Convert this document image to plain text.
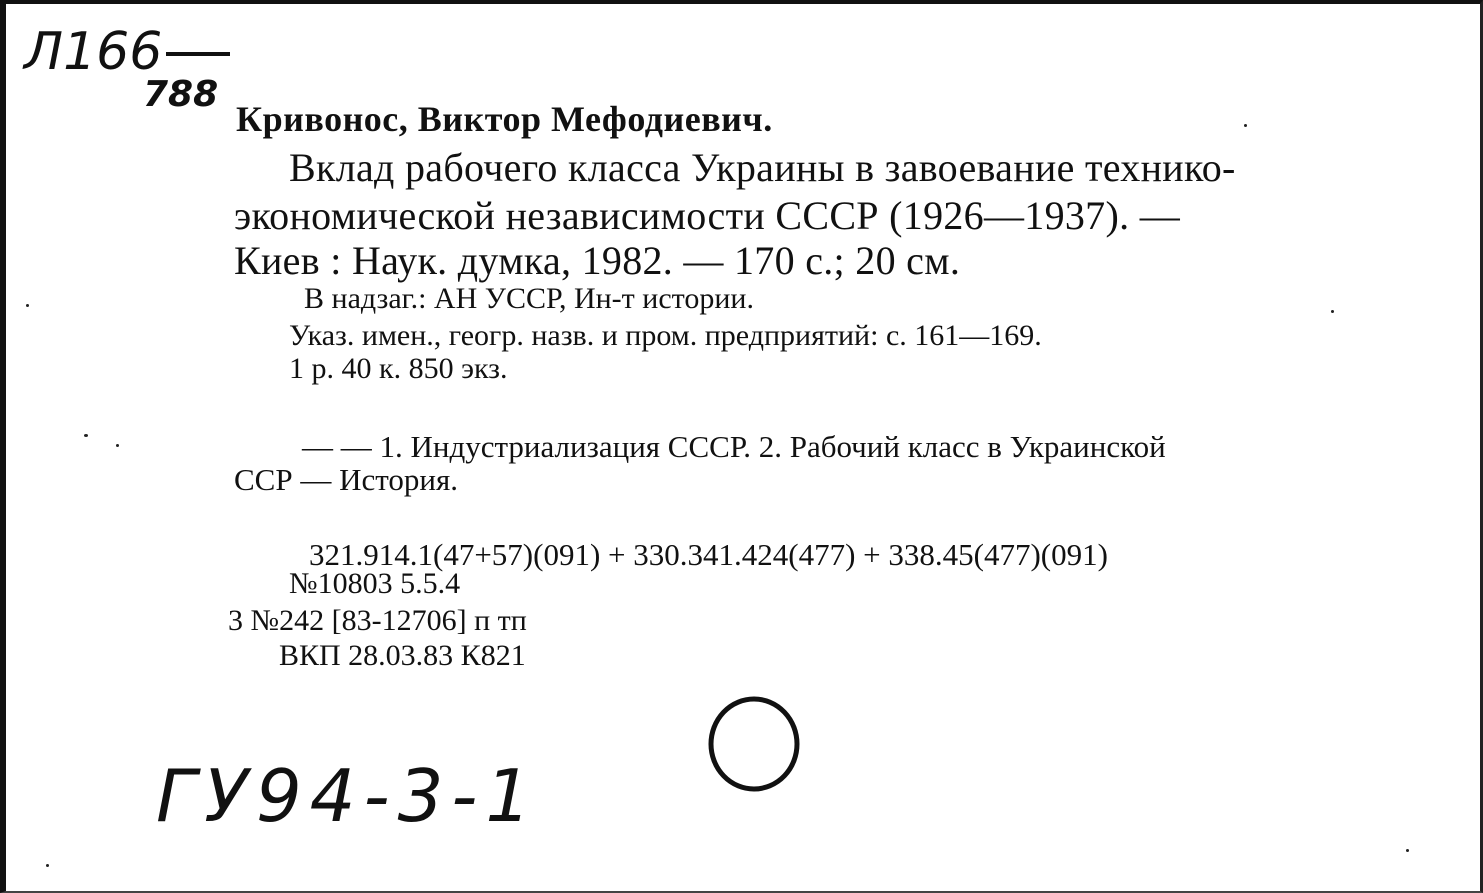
Л166
788
Кривонос, Виктор Мефодиевич.
Вклад рабочего класса Украины в завоевание технико-
экономической независимости СССР (1926—1937). —
Киев : Наук. думка, 1982. — 170 с.; 20 см.
В надзаг.: АН УССР, Ин-т истории.
Указ. имен., геогр. назв. и пром. предприятий: с. 161—169.
1 р. 40 к. 850 экз.
— — 1. Индустриализация СССР. 2. Рабочий класс в Украинской
ССР — История.
321.914.1(47+57)(091) + 330.341.424(477) + 338.45(477)(091)
№10803 5.5.4
3 №242 [83-12706] п тп
ВКП 28.03.83 К821
ГУ94-3-1
